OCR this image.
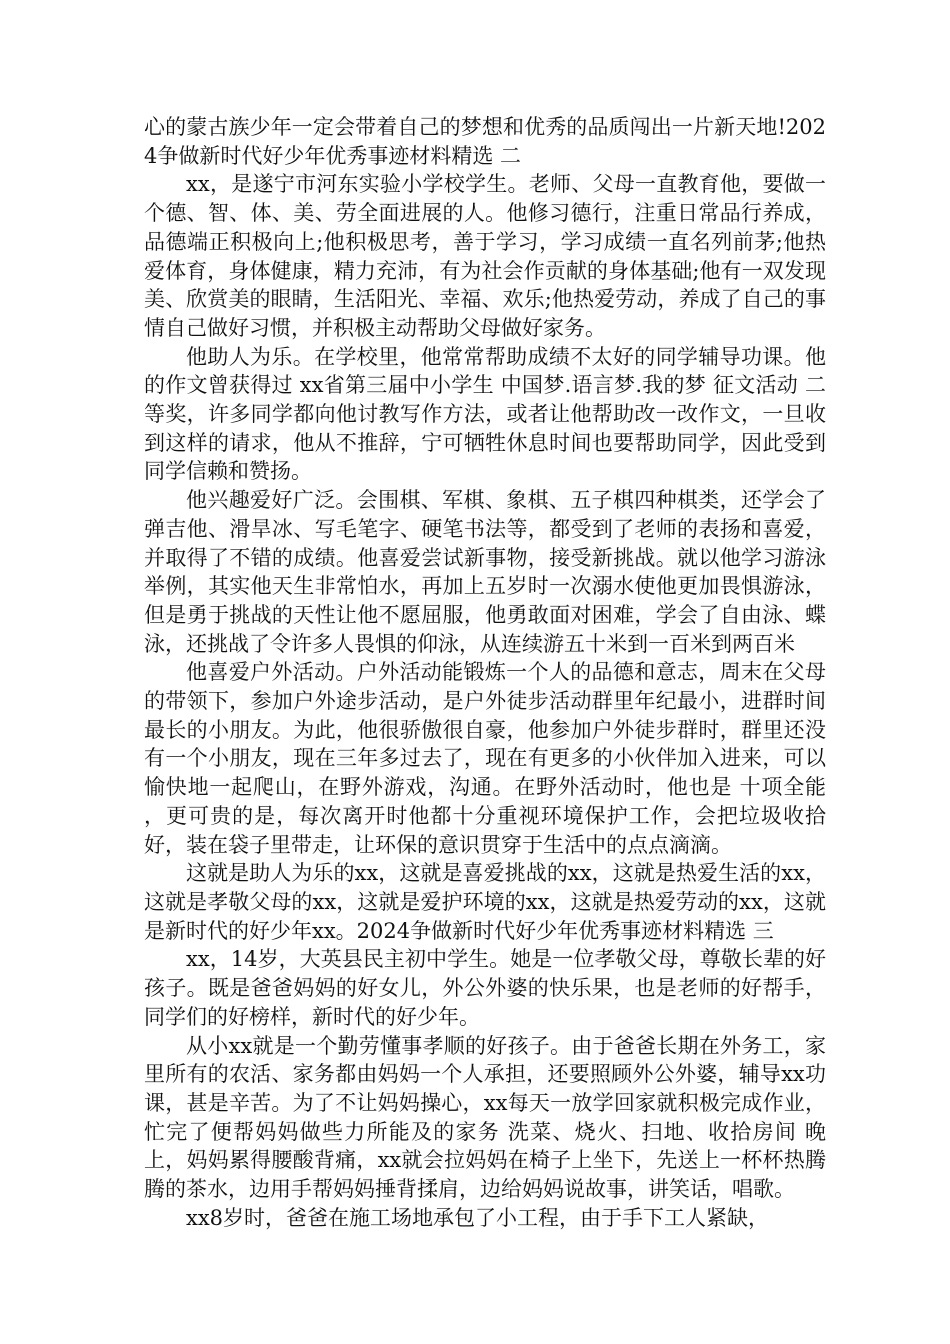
心的蒙古族少年一定会带着自己的梦想和优秀的品质闯出一片新天地!2024争做新时代好少年优秀事迹材料精选 二

xx，是遂宁市河东实验小学校学生。老师、父母一直教育他，要做一个德、智、体、美、劳全面进展的人。他修习德行，注重日常品行养成，品德端正积极向上;他积极思考，善于学习，学习成绩一直名列前茅;他热爱体育，身体健康，精力充沛，有为社会作贡献的身体基础;他有一双发现美、欣赏美的眼睛，生活阳光、幸福、欢乐;他热爱劳动，养成了自己的事情自己做好习惯，并积极主动帮助父母做好家务。

他助人为乐。在学校里，他常常帮助成绩不太好的同学辅导功课。他的作文曾获得过 xx省第三届中小学生 中国梦.语言梦.我的梦 征文活动 二等奖，许多同学都向他讨教写作方法，或者让他帮助改一改作文，一旦收到这样的请求，他从不推辞，宁可牺牲休息时间也要帮助同学，因此受到同学信赖和赞扬。

他兴趣爱好广泛。会围棋、军棋、象棋、五子棋四种棋类，还学会了弹吉他、滑旱冰、写毛笔字、硬笔书法等，都受到了老师的表扬和喜爱，并取得了不错的成绩。他喜爱尝试新事物，接受新挑战。就以他学习游泳举例，其实他天生非常怕水，再加上五岁时一次溺水使他更加畏惧游泳，但是勇于挑战的天性让他不愿屈服，他勇敢面对困难，学会了自由泳、蝶泳，还挑战了令许多人畏惧的仰泳，从连续游五十米到一百米到两百米

他喜爱户外活动。户外活动能锻炼一个人的品德和意志，周末在父母的带领下，参加户外途步活动，是户外徒步活动群里年纪最小，进群时间最长的小朋友。为此，他很骄傲很自豪，他参加户外徒步群时，群里还没有一个小朋友，现在三年多过去了，现在有更多的小伙伴加入进来，可以愉快地一起爬山，在野外游戏，沟通。在野外活动时，他也是 十项全能 ，更可贵的是，每次离开时他都十分重视环境保护工作，会把垃圾收拾好，装在袋子里带走，让环保的意识贯穿于生活中的点点滴滴。

这就是助人为乐的xx，这就是喜爱挑战的xx，这就是热爱生活的xx，这就是孝敬父母的xx，这就是爱护环境的xx，这就是热爱劳动的xx，这就是新时代的好少年xx。2024争做新时代好少年优秀事迹材料精选 三

xx，14岁，大英县民主初中学生。她是一位孝敬父母，尊敬长辈的好孩子。既是爸爸妈妈的好女儿，外公外婆的快乐果，也是老师的好帮手，同学们的好榜样，新时代的好少年。

从小xx就是一个勤劳懂事孝顺的好孩子。由于爸爸长期在外务工，家里所有的农活、家务都由妈妈一个人承担，还要照顾外公外婆，辅导xx功课，甚是辛苦。为了不让妈妈操心，xx每天一放学回家就积极完成作业，忙完了便帮妈妈做些力所能及的家务 洗菜、烧火、扫地、收拾房间 晚上，妈妈累得腰酸背痛，xx就会拉妈妈在椅子上坐下，先送上一杯杯热腾腾的茶水，边用手帮妈妈捶背揉肩，边给妈妈说故事，讲笑话，唱歌。

xx8岁时，爸爸在施工场地承包了小工程，由于手下工人紧缺，
